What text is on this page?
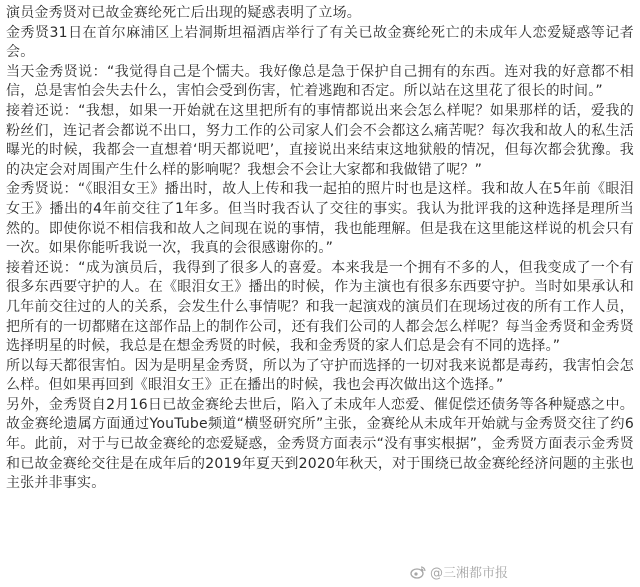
演员金秀贤对已故金赛纶死亡后出现的疑惑表明了立场。

金秀贤31日在首尔麻浦区上岩洞斯坦福酒店举行了有关已故金赛纶死亡的未成年人恋爱疑惑等记者会。

当天金秀贤说：“我觉得自己是个懦夫。我好像总是急于保护自己拥有的东西。连对我的好意都不相信，总是害怕会失去什么，害怕会受到伤害，忙着逃跑和否定。所以站在这里花了很长的时间。”

接着还说：“我想，如果一开始就在这里把所有的事情都说出来会怎么样呢？如果那样的话，爱我的粉丝们，连记者会都说不出口，努力工作的公司家人们会不会都这么痛苦呢？每次我和故人的私生活曝光的时候，我都会一直想着‘明天都说吧’，直接说出来结束这地狱般的情况，但每次都会犹豫。我的决定会对周围产生什么样的影响呢？我想会不会让大家都和我做错了呢？”

金秀贤说：“《眼泪女王》播出时，故人上传和我一起拍的照片时也是这样。我和故人在5年前《眼泪女王》播出的4年前交往了1年多。但当时我否认了交往的事实。我认为批评我的这种选择是理所当然的。即使你说不相信我和故人之间现在说的事情，我也能理解。但是我在这里能这样说的机会只有一次。如果你能听我说一次，我真的会很感谢你的。”

接着还说：“成为演员后，我得到了很多人的喜爱。本来我是一个拥有不多的人，但我变成了一个有很多东西要守护的人。在《眼泪女王》播出的时候，作为主演也有很多东西要守护。当时如果承认和几年前交往过的人的关系，会发生什么事情呢？和我一起演戏的演员们在现场过夜的所有工作人员，把所有的一切都赌在这部作品上的制作公司，还有我们公司的人都会怎么样呢？每当金秀贤和金秀贤选择明星的时候，我总是在想金秀贤的时候，我和金秀贤的家人们总是会有不同的选择。”

所以每天都很害怕。因为是明星金秀贤，所以为了守护而选择的一切对我来说都是毒药，我害怕会怎么样。但如果再回到《眼泪女王》正在播出的时候，我也会再次做出这个选择。”

另外，金秀贤自2月16日已故金赛纶去世后，陷入了未成年人恋爱、催促偿还债务等各种疑惑之中。故金赛纶遗属方面通过YouTube频道“横竖研究所”主张，金赛纶从未成年开始就与金秀贤交往了约6年。此前，对于与已故金赛纶的恋爱疑惑，金秀贤方面表示“没有事实根据”，金秀贤方面表示金秀贤和已故金赛纶交往是在成年后的2019年夏天到2020年秋天，对于围绕已故金赛纶经济问题的主张也主张并非事实。

@三湘都市报
